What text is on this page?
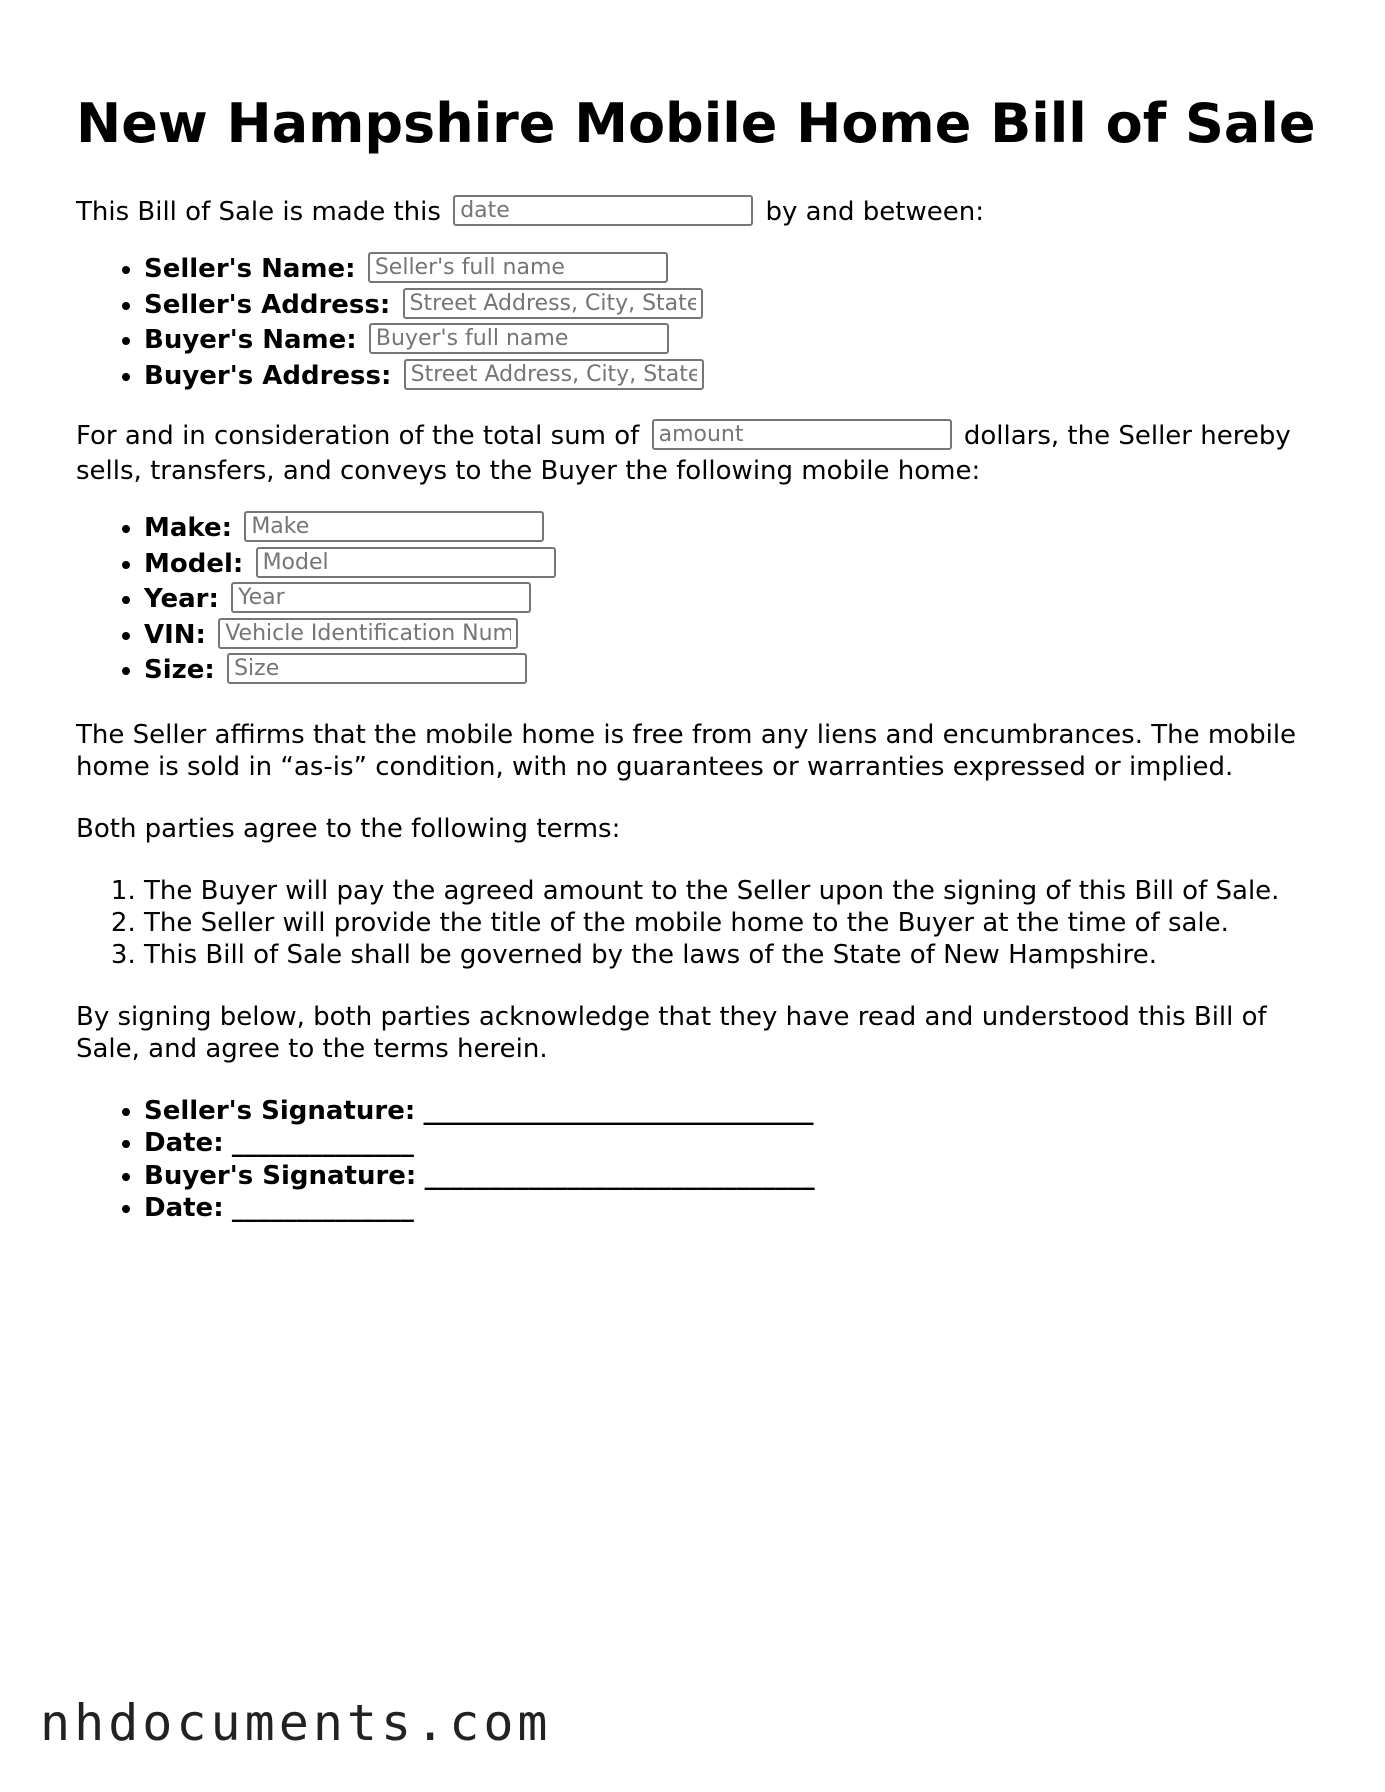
New Hampshire Mobile Home Bill of Sale

This Bill of Sale is made this date	by and between:

• Seller's Name: Seller's full name
• Seller's Address: Street Address, City, State
• Buyer's Name: Buyer's full name
• Buyer's Address: Street Address, City, State

For and in consideration of the total sum of amount	dollars, the Seller hereby sells, transfers, and conveys to the Buyer the following mobile home:

• Make: Make
• Model: Model
• Year: Year
• VIN: Vehicle Identification Number
• Size: Size

The Seller affirms that the mobile home is free from any liens and encumbrances. The mobile home is sold in “as-is” condition, with no guarantees or warranties expressed or implied.

Both parties agree to the following terms:

1. The Buyer will pay the agreed amount to the Seller upon the signing of this Bill of Sale.
2. The Seller will provide the title of the mobile home to the Buyer at the time of sale.
3. This Bill of Sale shall be governed by the laws of the State of New Hampshire.

By signing below, both parties acknowledge that they have read and understood this Bill of Sale, and agree to the terms herein.

• Seller's Signature: ______________________________
• Date: ______________
• Buyer's Signature: ______________________________
• Date: ______________
nhdocuments.com
